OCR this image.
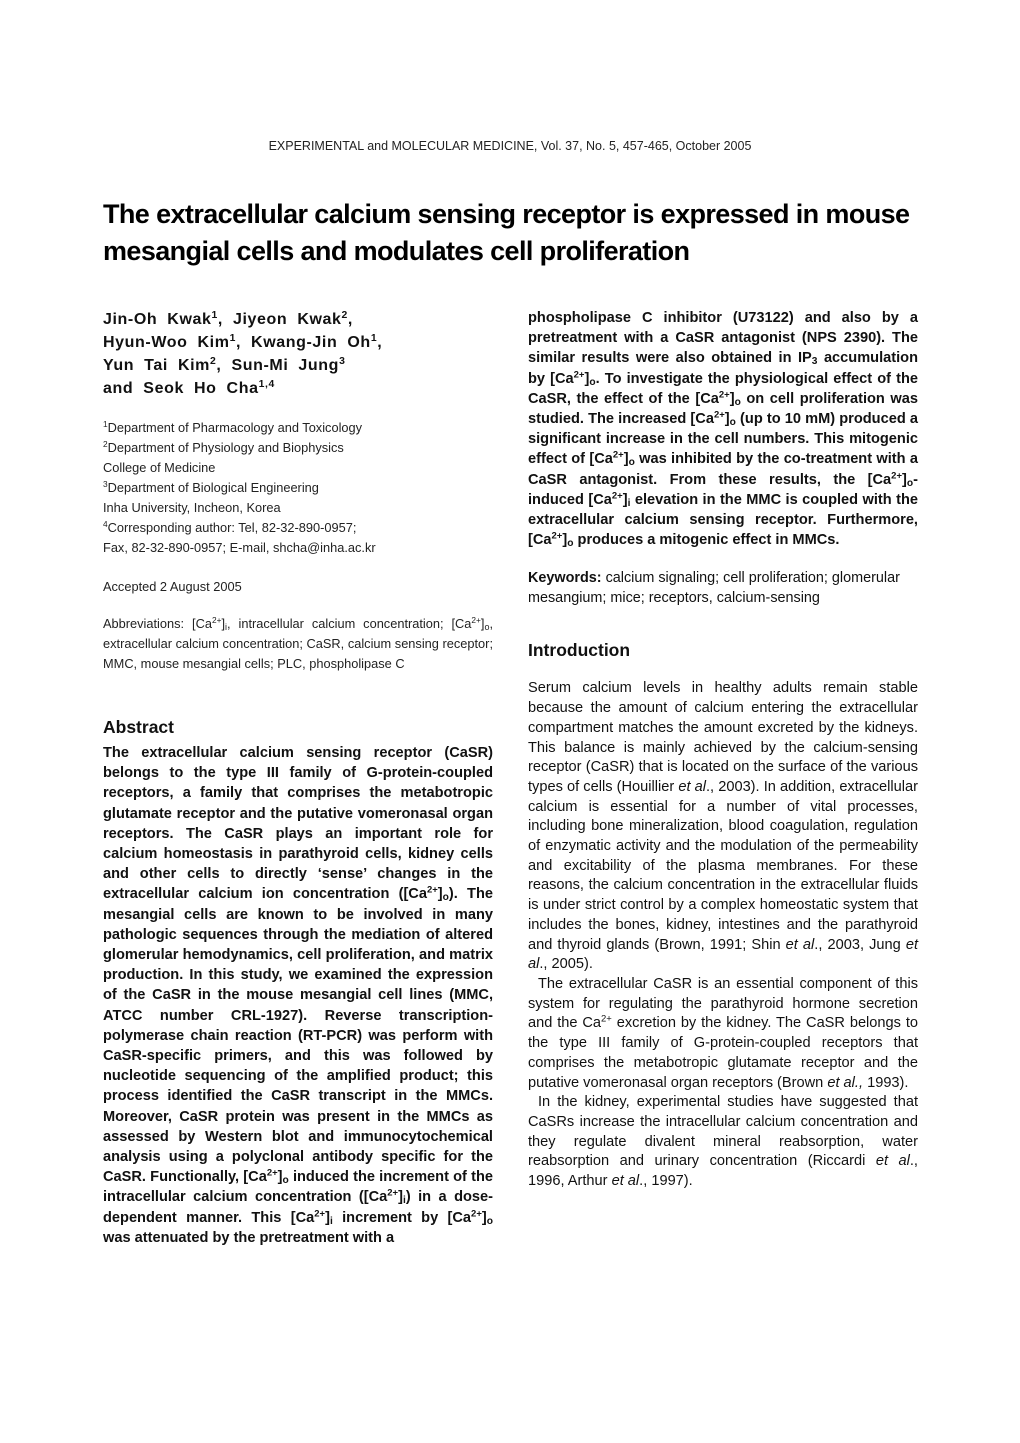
EXPERIMENTAL and MOLECULAR MEDICINE, Vol. 37, No. 5, 457-465, October 2005
The extracellular calcium sensing receptor is expressed in mouse mesangial cells and modulates cell proliferation
Jin-Oh Kwak$^1$, Jiyeon Kwak$^2$,
Hyun-Woo Kim$^1$, Kwang-Jin Oh$^1$,
Yun Tai Kim$^2$, Sun-Mi Jung$^3$
and Seok Ho Cha$^{1,4}$
$^1$Department of Pharmacology and Toxicology
$^2$Department of Physiology and Biophysics
College of Medicine
$^3$Department of Biological Engineering
Inha University, Incheon, Korea
$^4$Corresponding author: Tel, 82-32-890-0957;
Fax, 82-32-890-0957; E-mail, shcha@inha.ac.kr
Accepted 2 August 2005
Abbreviations: $[Ca^{2+}]_i$, intracellular calcium concentration; $[Ca^{2+}]_o$, extracellular calcium concentration; CaSR, calcium sensing receptor; MMC, mouse mesangial cells; PLC, phospholipase C
Abstract
The extracellular calcium sensing receptor (CaSR) belongs to the type III family of G-protein-coupled receptors, a family that comprises the metabotropic glutamate receptor and the putative vomeronasal organ receptors. The CaSR plays an important role for calcium homeostasis in parathyroid cells, kidney cells and other cells to directly ‘sense’ changes in the extracellular calcium ion concentration $([Ca^{2+}]_o)$. The mesangial cells are known to be involved in many pathologic sequences through the mediation of altered glomerular hemodynamics, cell proliferation, and matrix production. In this study, we examined the expression of the CaSR in the mouse mesangial cell lines (MMC, ATCC number CRL-1927). Reverse transcription- polymerase chain reaction (RT-PCR) was perform with CaSR-specific primers, and this was followed by nucleotide sequencing of the amplified product; this process identified the CaSR transcript in the MMCs. Moreover, CaSR protein was present in the MMCs as assessed by Western blot and immunocytochemical analysis using a polyclonal antibody specific for the CaSR. Functionally, $[Ca^{2+}]_o$ induced the increment of the intracellular calcium concentration $([Ca^{2+}]_i)$ in a dose-dependent manner. This $[Ca^{2+}]_i$ increment by $[Ca^{2+}]_o$ was attenuated by the pretreatment with a
phospholipase C inhibitor (U73122) and also by a pretreatment with a CaSR antagonist (NPS 2390). The similar results were also obtained in $IP_3$ accumulation by $[Ca^{2+}]_o$. To investigate the physiological effect of the CaSR, the effect of the $[Ca^{2+}]_o$ on cell proliferation was studied. The increased $[Ca^{2+}]_o$ (up to 10 mM) produced a significant increase in the cell numbers. This mitogenic effect of $[Ca^{2+}]_o$ was inhibited by the co-treatment with a CaSR antagonist. From these results, the $[Ca^{2+}]_o$-induced $[Ca^{2+}]_i$ elevation in the MMC is coupled with the extracellular calcium sensing receptor. Furthermore, $[Ca^{2+}]_o$ produces a mitogenic effect in MMCs.
Keywords: calcium signaling; cell proliferation; glomerular mesangium; mice; receptors, calcium-sensing
Introduction

Serum calcium levels in healthy adults remain stable because the amount of calcium entering the extracellular compartment matches the amount excreted by the kidneys. This balance is mainly achieved by the calcium-sensing receptor (CaSR) that is located on the surface of the various types of cells (Houillier et al., 2003). In addition, extracellular calcium is essential for a number of vital processes, including bone mineralization, blood coagulation, regulation of enzymatic activity and the modulation of the permeability and excitability of the plasma membranes. For these reasons, the calcium concentration in the extracellular fluids is under strict control by a complex homeostatic system that includes the bones, kidney, intestines and the parathyroid and thyroid glands (Brown, 1991; Shin et al., 2003, Jung et al., 2005).

The extracellular CaSR is an essential component of this system for regulating the parathyroid hormone secretion and the $Ca^{2+}$ excretion by the kidney. The CaSR belongs to the type III family of G-protein-coupled receptors that comprises the metabotropic glutamate receptor and the putative vomeronasal organ receptors (Brown et al., 1993).

In the kidney, experimental studies have suggested that CaSRs increase the intracellular calcium concentration and they regulate divalent mineral reabsorption, water reabsorption and urinary concentration (Riccardi et al., 1996, Arthur et al., 1997).
